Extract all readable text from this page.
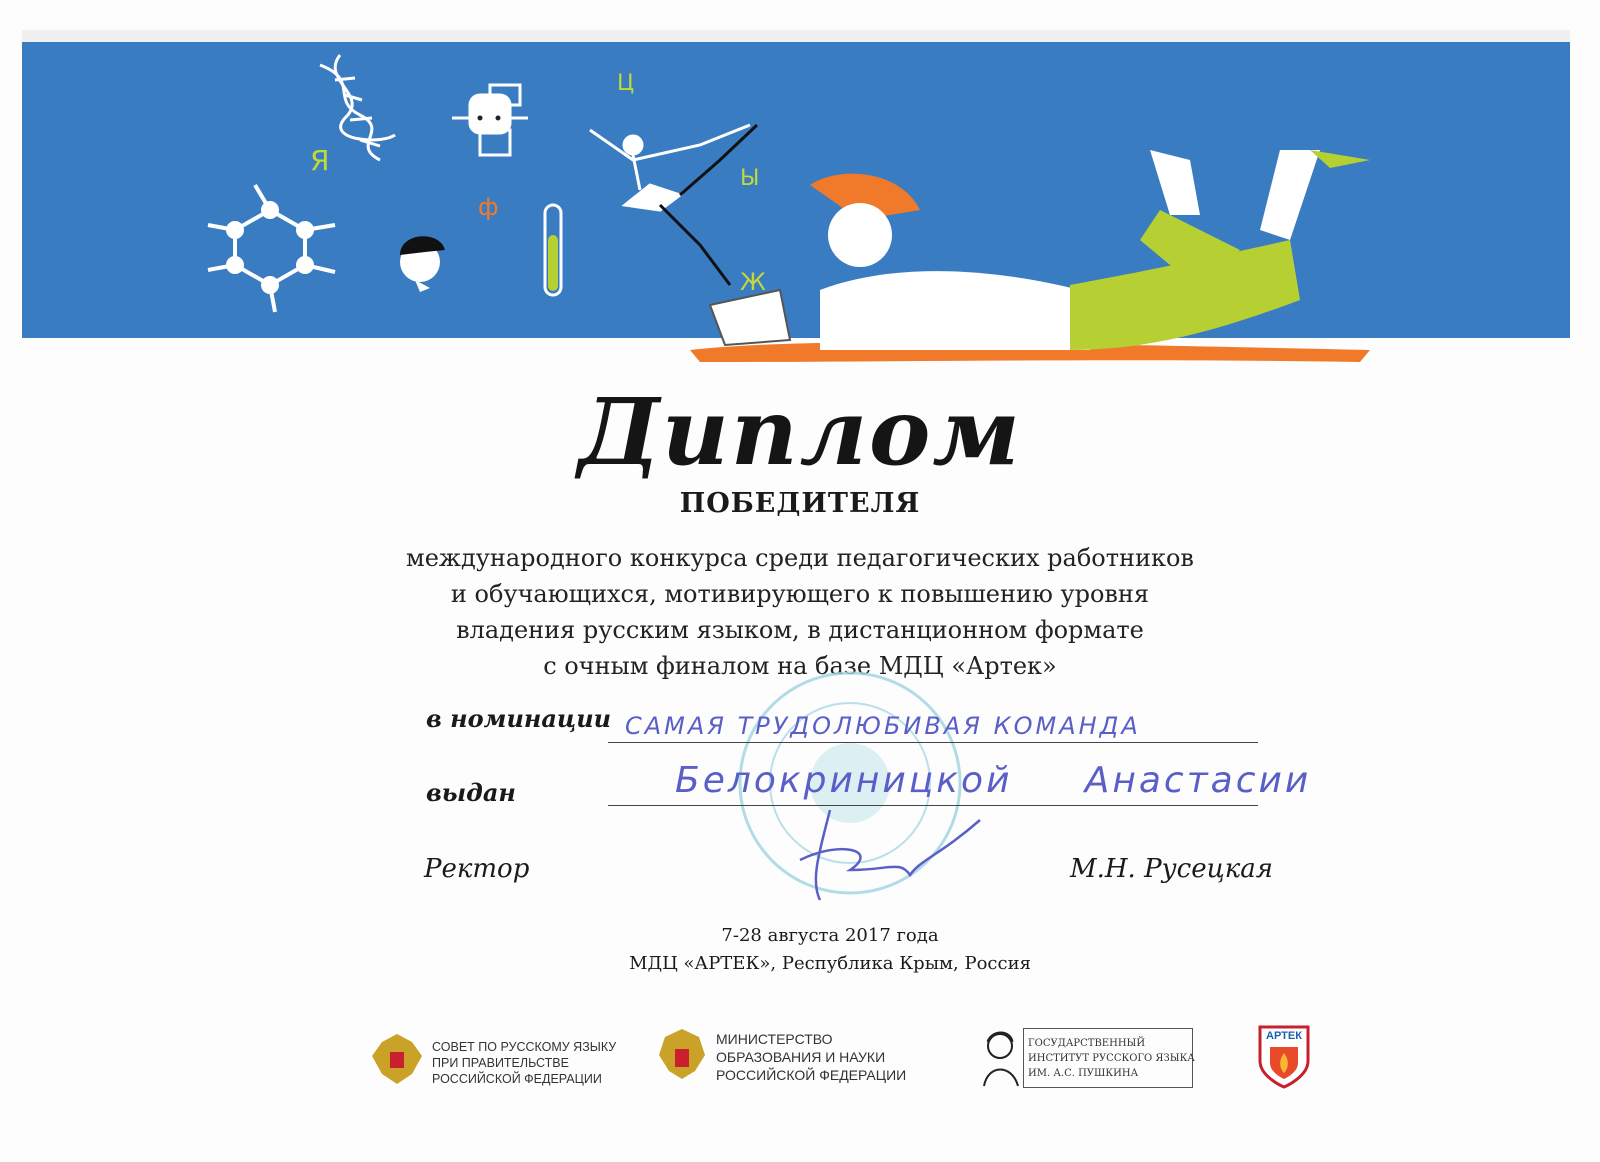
Я
ф
Ц
Ы
Ж
Диплом
ПОБЕДИТЕЛЯ
международного конкурса среди педагогических работников
и обучающихся, мотивирующего к повышению уровня
владения русским языком, в дистанционном формате
с очным финалом на базе МДЦ «Артек»
в номинации САМАЯ ТРУДОЛЮБИВАЯ КОМАНДА
выдан	Белокриницкой     Анастасии
Ректор	М.Н. Русецкая
7-28 августа 2017 года
МДЦ «АРТЕК», Республика Крым, Россия
СОВЕТ ПО РУССКОМУ ЯЗЫКУ
ПРИ ПРАВИТЕЛЬСТВЕ
РОССИЙСКОЙ ФЕДЕРАЦИИ
МИНИСТЕРСТВО
ОБРАЗОВАНИЯ И НАУКИ
РОССИЙСКОЙ ФЕДЕРАЦИИ
ГОСУДАРСТВЕННЫЙ
ИНСТИТУТ РУССКОГО ЯЗЫКА
ИМ. А.С. ПУШКИНА
АРТЕК
